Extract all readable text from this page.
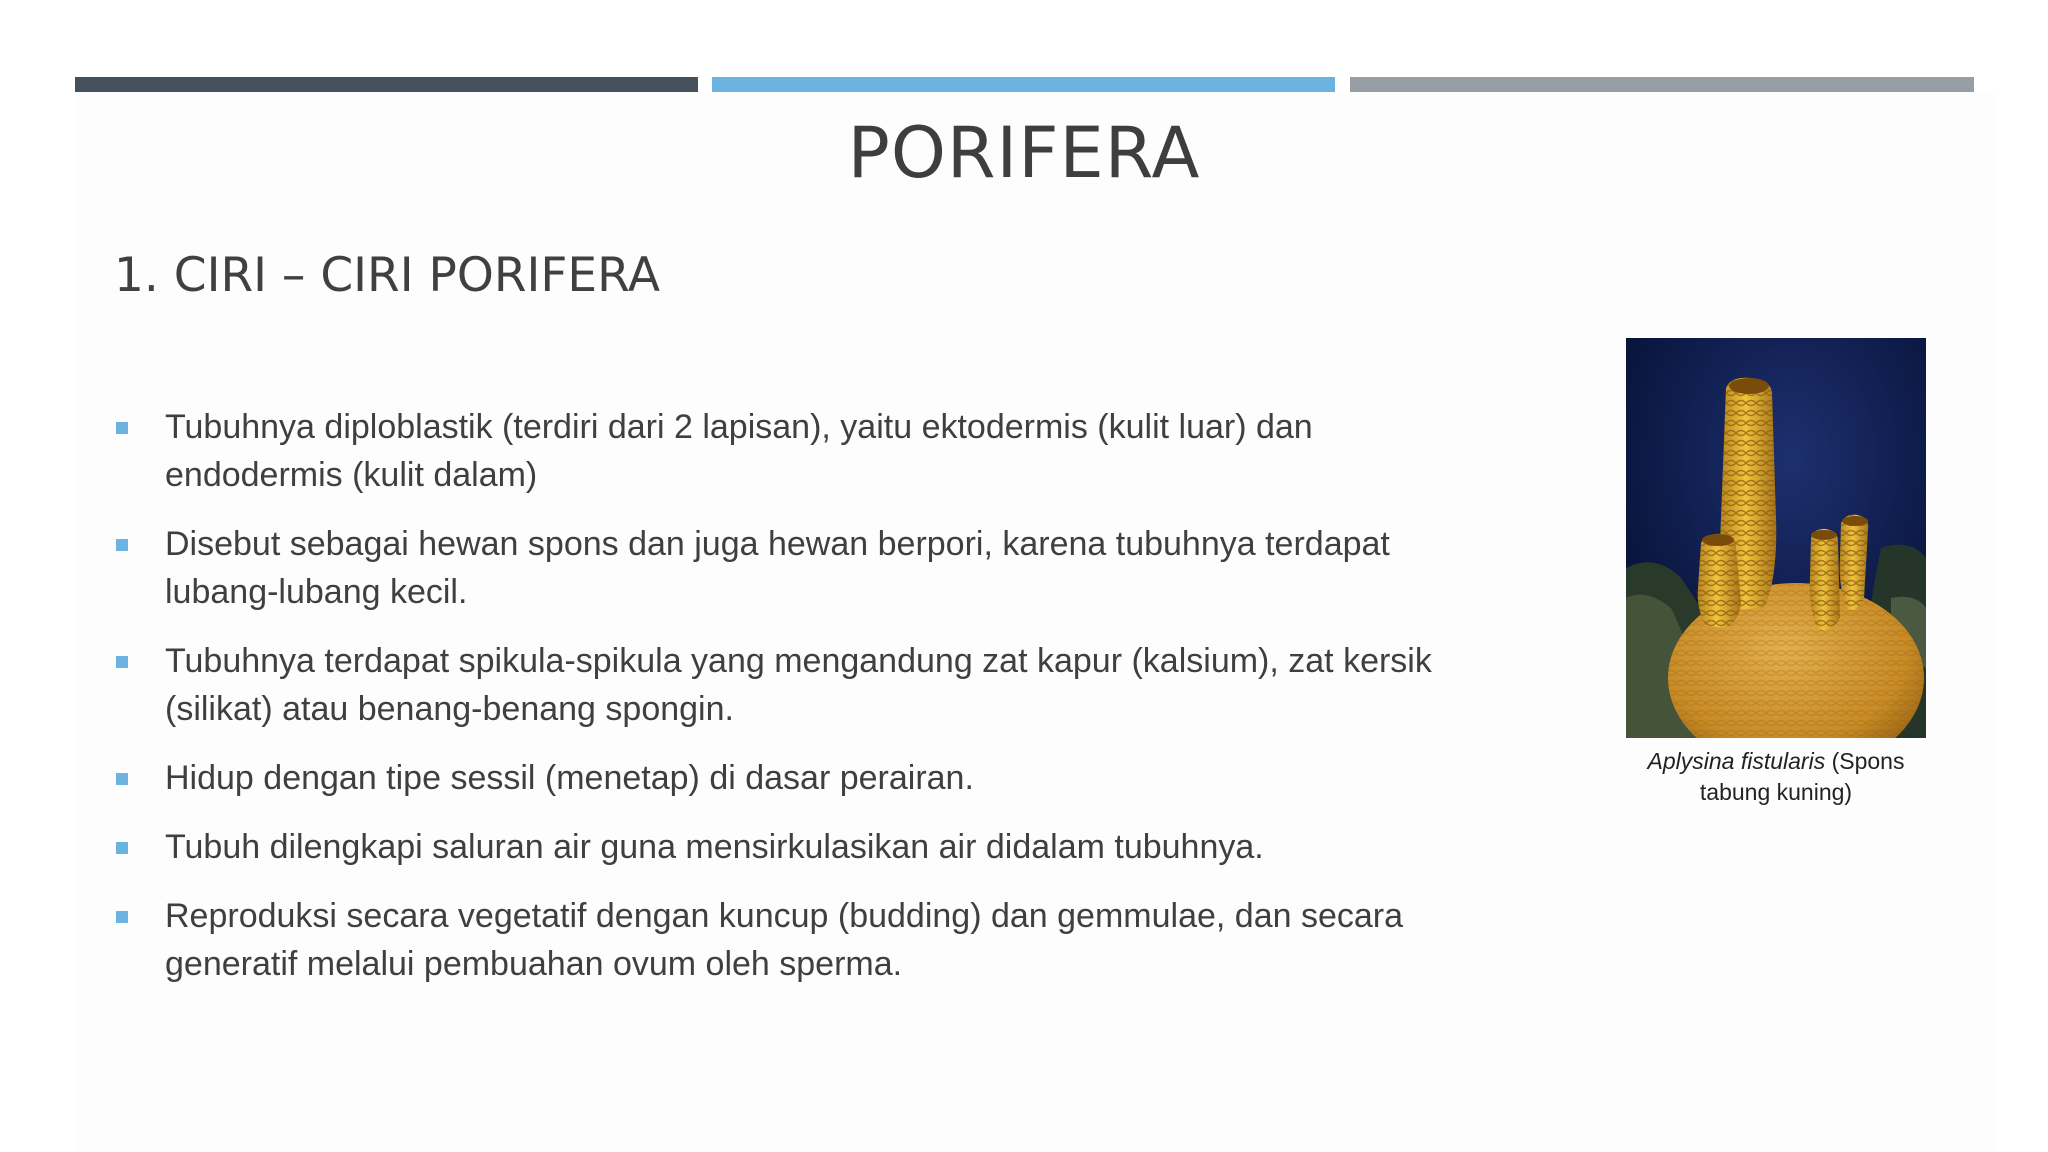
PORIFERA
1. CIRI – CIRI PORIFERA
Tubuhnya diploblastik (terdiri dari 2 lapisan), yaitu ektodermis (kulit luar) dan endodermis (kulit dalam)
Disebut sebagai hewan spons dan juga hewan berpori, karena tubuhnya terdapat lubang-lubang kecil.
Tubuhnya terdapat spikula-spikula yang mengandung zat kapur (kalsium), zat kersik (silikat) atau benang-benang spongin.
Hidup dengan tipe sessil (menetap) di dasar perairan.
Tubuh dilengkapi saluran air guna mensirkulasikan air didalam tubuhnya.
Reproduksi secara vegetatif dengan kuncup (budding) dan gemmulae, dan secara generatif melalui pembuahan ovum oleh sperma.
Aplysina fistularis (Spons tabung kuning)
